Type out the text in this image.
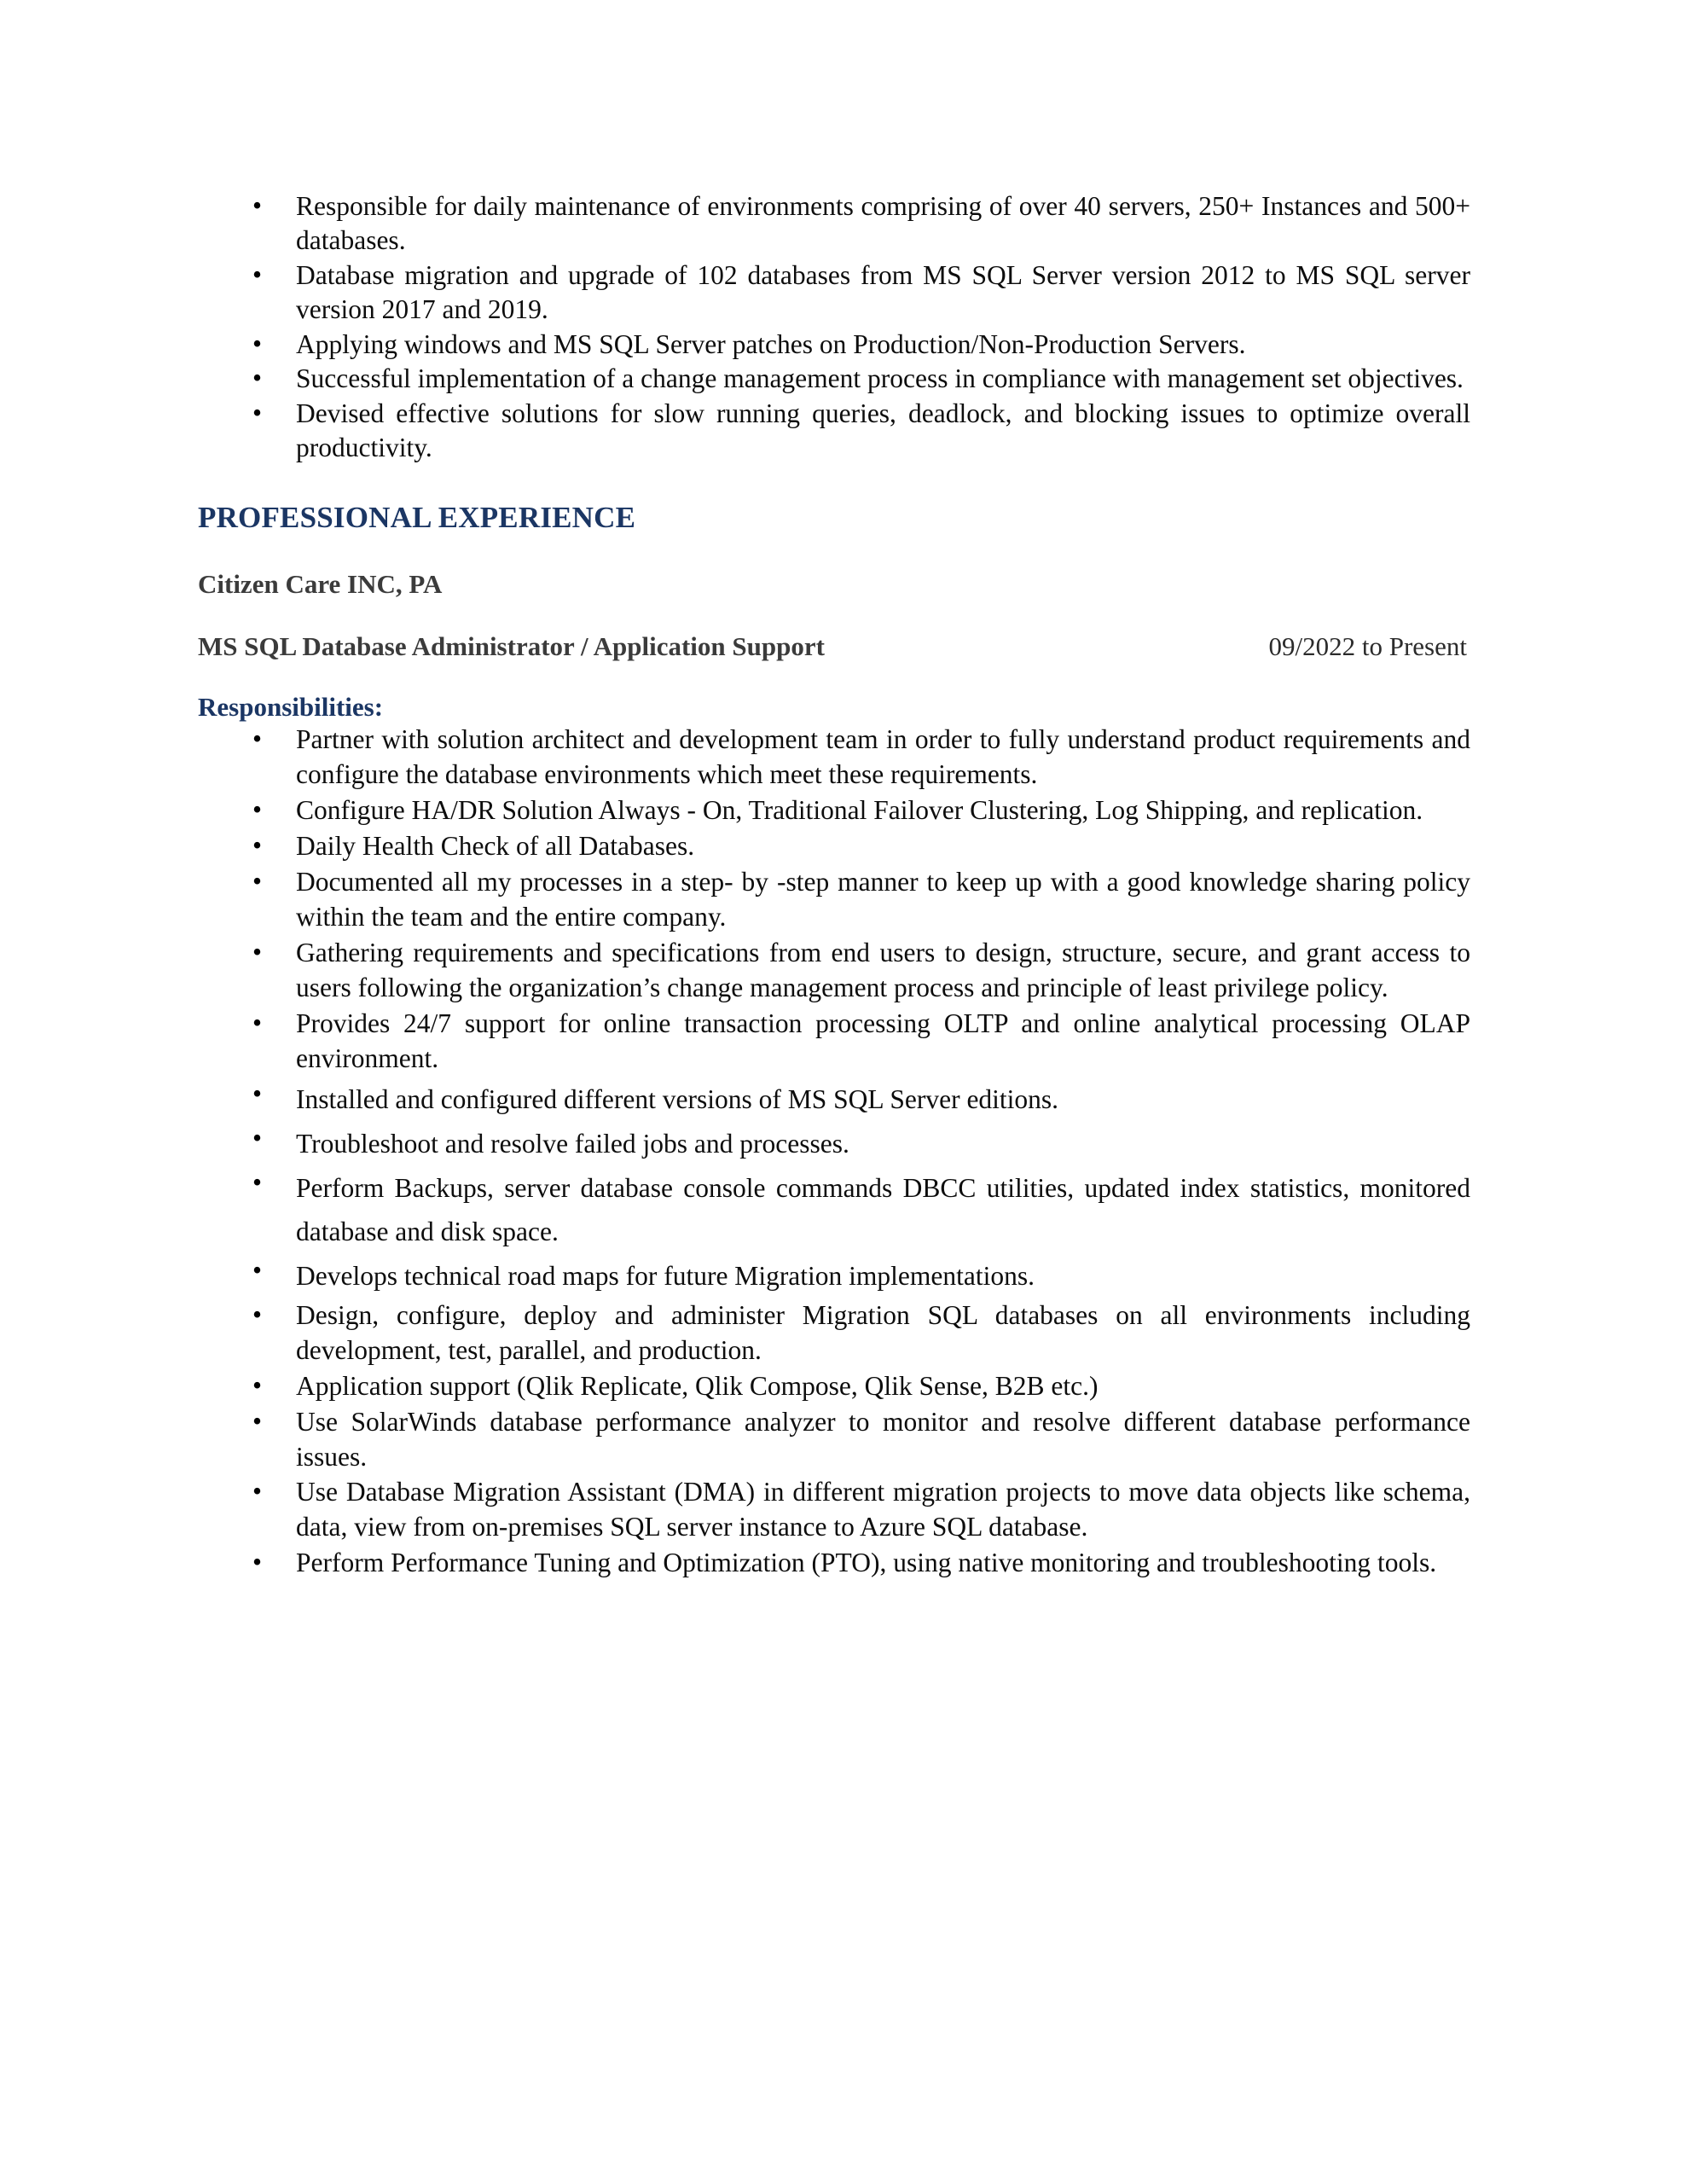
• Responsible for daily maintenance of environments comprising of over 40 servers, 250+ Instances and 500+ databases.
• Database migration and upgrade of 102 databases from MS SQL Server version 2012 to MS SQL server version 2017 and 2019.
• Applying windows and MS SQL Server patches on Production/Non-Production Servers.
• Successful implementation of a change management process in compliance with management set objectives.
• Devised effective solutions for slow running queries, deadlock, and blocking issues to optimize overall productivity.
PROFESSIONAL EXPERIENCE
Citizen Care INC, PA
MS SQL Database Administrator / Application Support	09/2022 to Present
Responsibilities:
• Partner with solution architect and development team in order to fully understand product requirements and configure the database environments which meet these requirements.
• Configure HA/DR Solution Always - On, Traditional Failover Clustering, Log Shipping, and replication.
• Daily Health Check of all Databases.
• Documented all my processes in a step- by -step manner to keep up with a good knowledge sharing policy within the team and the entire company.
• Gathering requirements and specifications from end users to design, structure, secure, and grant access to users following the organization’s change management process and principle of least privilege policy.
• Provides 24/7 support for online transaction processing OLTP and online analytical processing OLAP environment.
• Installed and configured different versions of MS SQL Server editions.
• Troubleshoot and resolve failed jobs and processes.
• Perform Backups, server database console commands DBCC utilities, updated index statistics, monitored database and disk space.
• Develops technical road maps for future Migration implementations.
• Design, configure, deploy and administer Migration SQL databases on all environments including development, test, parallel, and production.
• Application support (Qlik Replicate, Qlik Compose, Qlik Sense, B2B etc.)
• Use SolarWinds database performance analyzer to monitor and resolve different database performance issues.
• Use Database Migration Assistant (DMA) in different migration projects to move data objects like schema, data, view from on-premises SQL server instance to Azure SQL database.
• Perform Performance Tuning and Optimization (PTO), using native monitoring and troubleshooting tools.
